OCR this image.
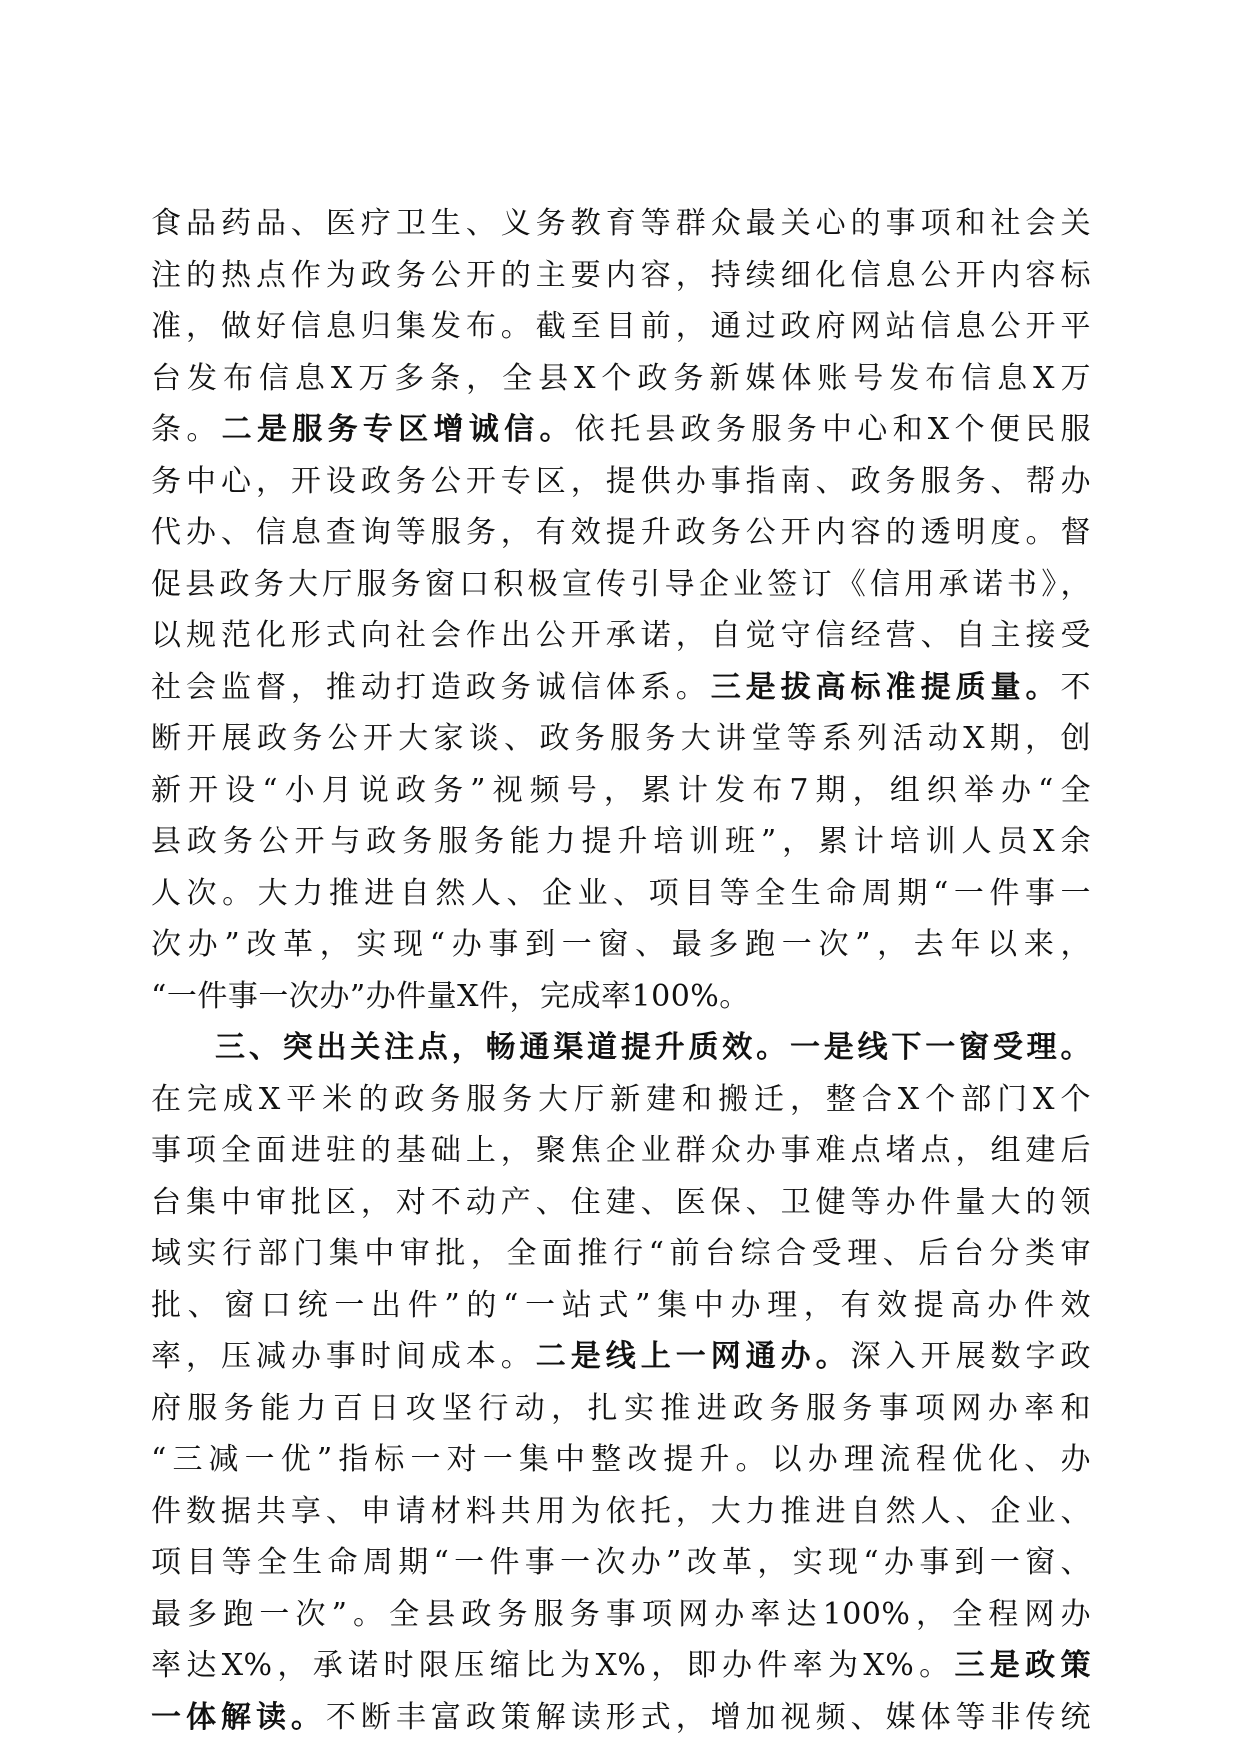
食品药品、医疗卫生、义务教育等群众最关心的事项和社会关
注的热点作为政务公开的主要内容，持续细化信息公开内容标
准，做好信息归集发布。截至目前，通过政府网站信息公开平
台发布信息X万多条，全县X个政务新媒体账号发布信息X万
条。二是服务专区增诚信。依托县政务服务中心和X个便民服
务中心，开设政务公开专区，提供办事指南、政务服务、帮办
代办、信息查询等服务，有效提升政务公开内容的透明度。督
促县政务大厅服务窗口积极宣传引导企业签订《信用承诺书》，
以规范化形式向社会作出公开承诺，自觉守信经营、自主接受
社会监督，推动打造政务诚信体系。三是拔高标准提质量。不
断开展政务公开大家谈、政务服务大讲堂等系列活动X期，创
新开设“小月说政务”视频号，累计发布7期，组织举办“全
县政务公开与政务服务能力提升培训班”，累计培训人员X余
人次。大力推进自然人、企业、项目等全生命周期“一件事一
次办”改革，实现“办事到一窗、最多跑一次”，去年以来，
“一件事一次办”办件量X件，完成率100%。
三、突出关注点，畅通渠道提升质效。一是线下一窗受理。
在完成X平米的政务服务大厅新建和搬迁，整合X个部门X个
事项全面进驻的基础上，聚焦企业群众办事难点堵点，组建后
台集中审批区，对不动产、住建、医保、卫健等办件量大的领
域实行部门集中审批，全面推行“前台综合受理、后台分类审
批、窗口统一出件”的“一站式”集中办理，有效提高办件效
率，压减办事时间成本。二是线上一网通办。深入开展数字政
府服务能力百日攻坚行动，扎实推进政务服务事项网办率和
“三减一优”指标一对一集中整改提升。以办理流程优化、办
件数据共享、申请材料共用为依托，大力推进自然人、企业、
项目等全生命周期“一件事一次办”改革，实现“办事到一窗、
最多跑一次”。全县政务服务事项网办率达100%，全程网办
率达X%，承诺时限压缩比为X%，即办件率为X%。三是政策
一体解读。不断丰富政策解读形式，增加视频、媒体等非传统
